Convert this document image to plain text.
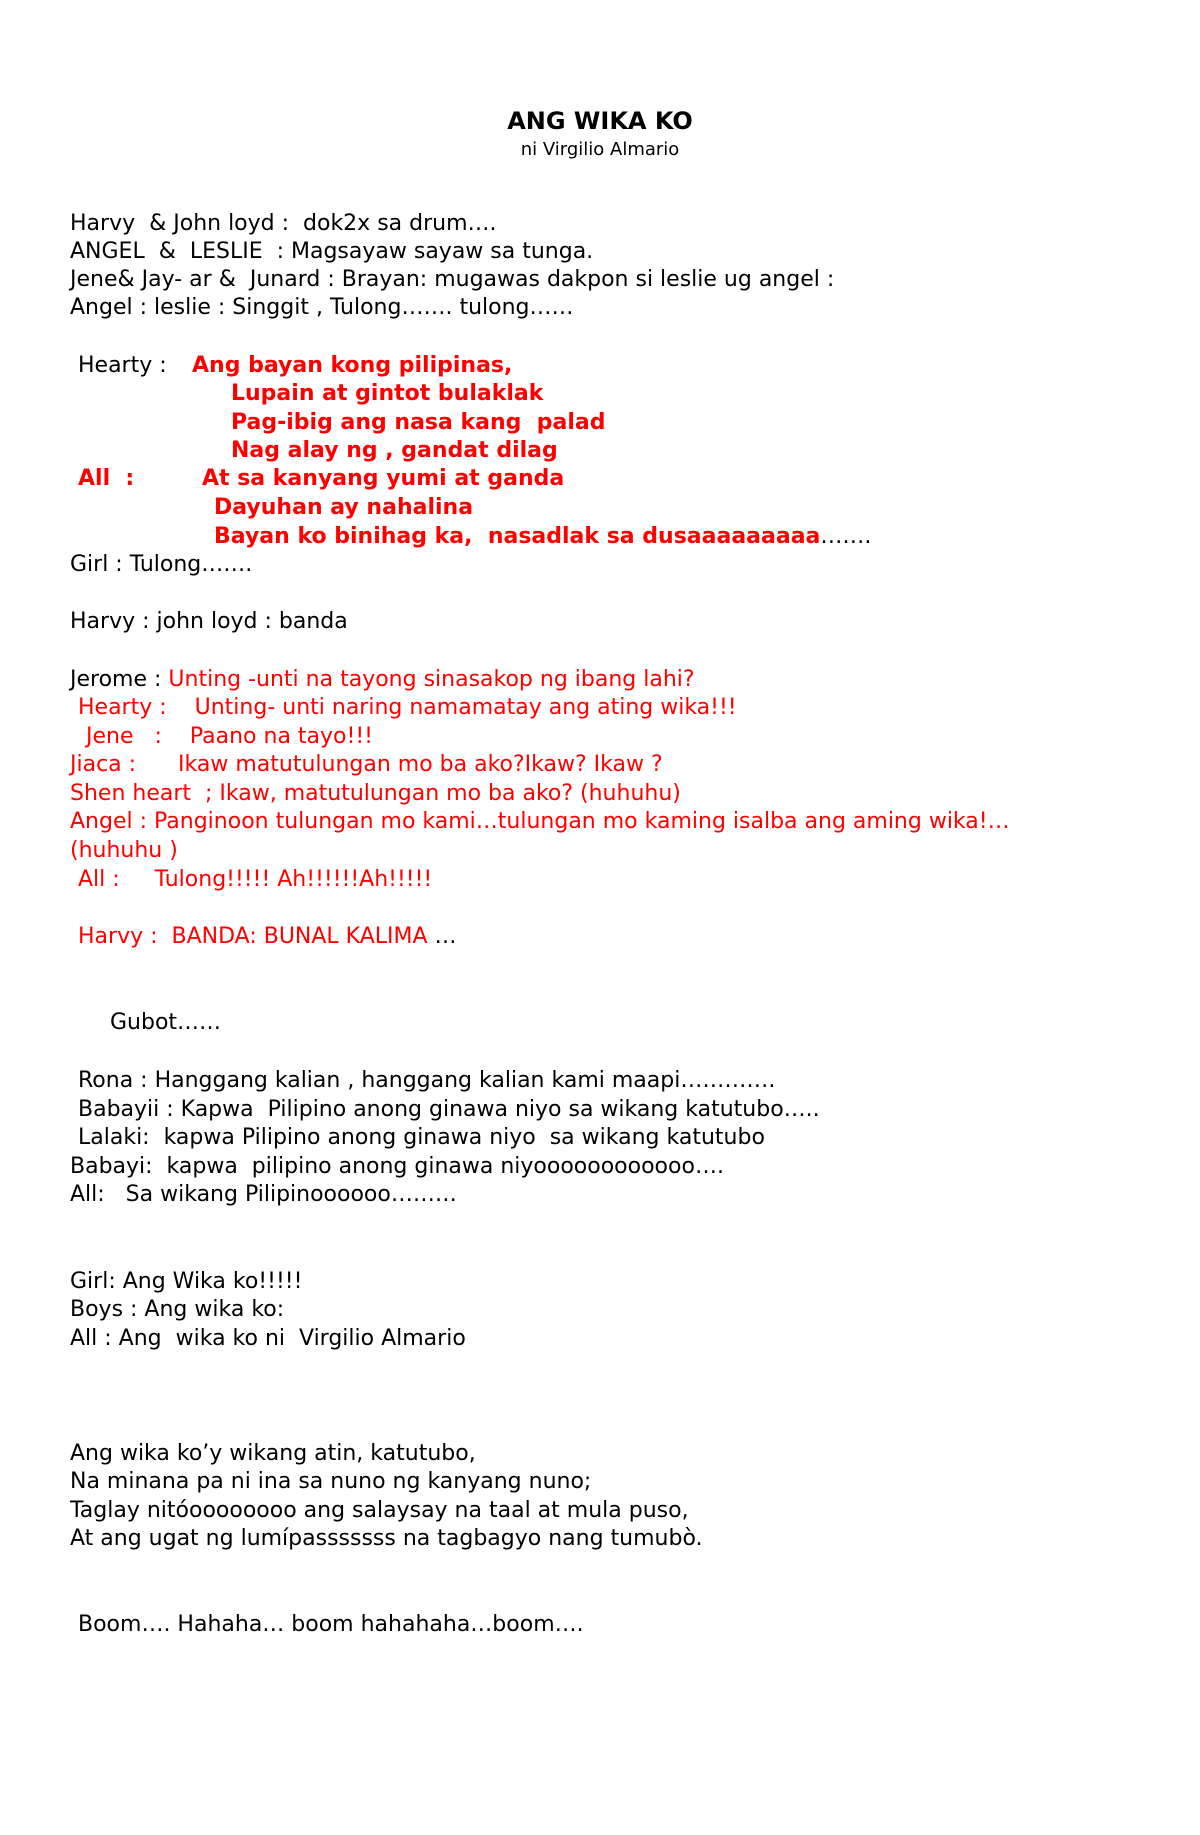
ANG WIKA KO
ni Virgilio Almario
Harvy  & John loyd :  dok2x sa drum….
ANGEL  &  LESLIE  : Magsayaw sayaw sa tunga.
Jene& Jay- ar &  Junard : Brayan: mugawas dakpon si leslie ug angel :
Angel : leslie : Singgit , Tulong……. tulong……
Hearty : Ang bayan kong pilipinas,
Lupain at gintot bulaklak
Pag-ibig ang nasa kang  palad
Nag alay ng , gandat dilag
All  :	At sa kanyang yumi at ganda
Dayuhan ay nahalina
Bayan ko binihag ka,  nasadlak sa dusaaaaaaaaa…….
Girl : Tulong…….
Harvy : john loyd : banda
Jerome : Unting -unti na tayong sinasakop ng ibang lahi?
Hearty :    Unting- unti naring namamatay ang ating wika!!!
Jene   :    Paano na tayo!!!
Jiaca :      Ikaw matutulungan mo ba ako?Ikaw? Ikaw ?
Shen heart  ; Ikaw, matutulungan mo ba ako? (huhuhu)
Angel : Panginoon tulungan mo kami…tulungan mo kaming isalba ang aming wika!…
(huhuhu )
All :     Tulong!!!!! Ah!!!!!!Ah!!!!!
Harvy :  BANDA: BUNAL KALIMA …
Gubot……
Rona : Hanggang kalian , hanggang kalian kami maapi………….
Babayii : Kapwa  Pilipino anong ginawa niyo sa wikang katutubo…..
Lalaki:  kapwa Pilipino anong ginawa niyo  sa wikang katutubo
Babayi:  kapwa  pilipino anong ginawa niyoooooooooooo….
All:   Sa wikang Pilipinoooooo………
Girl: Ang Wika ko!!!!!
Boys : Ang wika ko:
All : Ang  wika ko ni  Virgilio Almario
Ang wika ko’y wikang atin, katutubo,
Na minana pa ni ina sa nuno ng kanyang nuno;
Taglay nitóoooooooo ang salaysay na taal at mula puso,
At ang ugat ng lumípasssssss na tagbagyo nang tumubò.
Boom…. Hahaha… boom hahahaha…boom….
